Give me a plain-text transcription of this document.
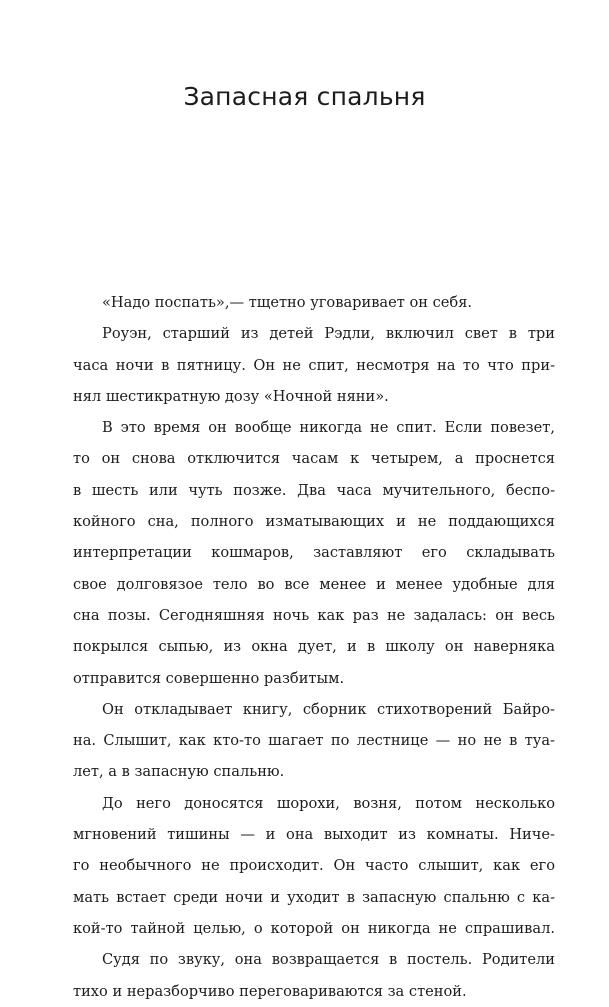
Запасная спальня
«Надо поспать»,— тщетно уговаривает он себя.
Роуэн, старший из детей Рэдли, включил свет в три
часа ночи в пятницу. Он не спит, несмотря на то что при-
нял шестикратную дозу «Ночной няни».
В это время он вообще никогда не спит. Если повезет,
то он снова отключится часам к четырем, а проснется
в шесть или чуть позже. Два часа мучительного, беспо-
койного сна, полного изматывающих и не поддающихся
интерпретации кошмаров, заставляют его складывать
свое долговязое тело во все менее и менее удобные для
сна позы. Сегодняшняя ночь как раз не задалась: он весь
покрылся сыпью, из окна дует, и в школу он наверняка
отправится совершенно разбитым.
Он откладывает книгу, сборник стихотворений Байро-
на. Слышит, как кто-то шагает по лестнице — но не в туа-
лет, а в запасную спальню.
До него доносятся шорохи, возня, потом несколько
мгновений тишины — и она выходит из комнаты. Ниче-
го необычного не происходит. Он часто слышит, как его
мать встает среди ночи и уходит в запасную спальню с ка-
кой-то тайной целью, о которой он никогда не спрашивал.
Судя по звуку, она возвращается в постель. Родители
тихо и неразборчиво переговариваются за стеной.
